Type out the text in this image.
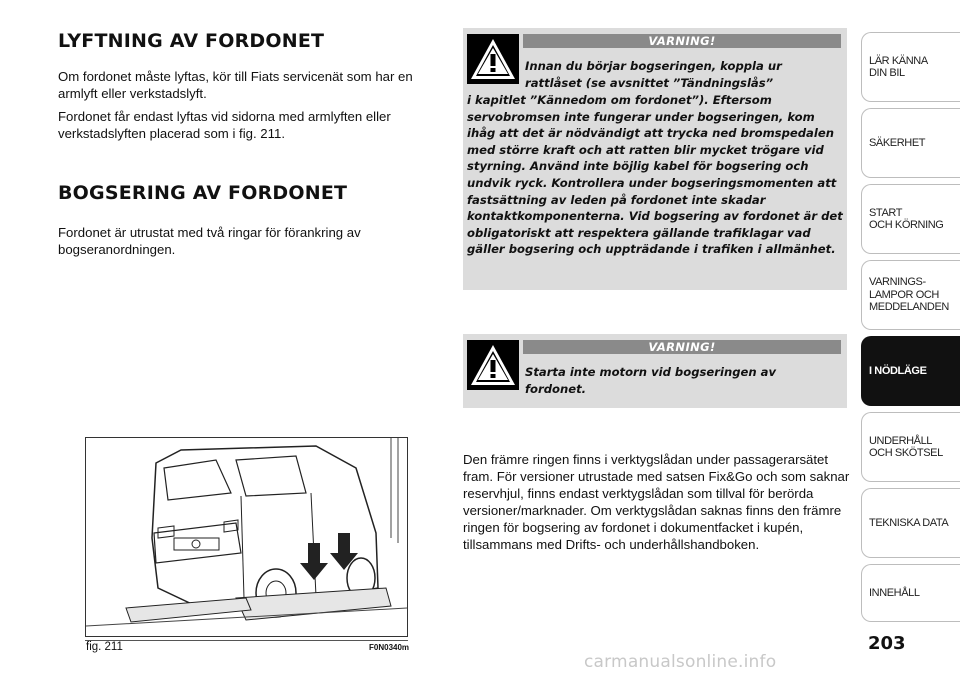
LYFTNING AV FORDONET
Om fordonet måste lyftas, kör till Fiats servicenät som har en armlyft eller verkstadslyft.
Fordonet får endast lyftas vid sidorna med armlyften eller verkstadslyften placerad som i fig. 211.
BOGSERING AV FORDONET
Fordonet är utrustat med två ringar för förankring av bogseranordningen.
VARNING!
Innan du börjar bogseringen, koppla ur rattlåset (se avsnittet ”Tändningslås”
i kapitlet ”Kännedom om fordonet”). Eftersom servobromsen inte fungerar under bogseringen, kom ihåg att det är nödvändigt att trycka ned bromspedalen med större kraft och att ratten blir mycket trögare vid styrning. Använd inte böjlig kabel för bogsering och undvik ryck. Kontrollera under bogseringsmomenten att fastsättning av leden på fordonet inte skadar kontaktkomponenterna. Vid bogsering av fordonet är det obligatoriskt att respektera gällande trafiklagar vad gäller bogsering och uppträdande i trafiken i allmänhet.
VARNING!
Starta inte motorn vid bogseringen av fordonet.
Den främre ringen finns i verktygslådan under passagerarsätet fram. För versioner utrustade med satsen Fix&Go och som saknar reservhjul, finns endast verktygslådan som tillval för berörda versioner/marknader. Om verktygslådan saknas finns den främre ringen för bogsering av fordonet i dokumentfacket i kupén, tillsammans med Drifts- och underhållshandboken.
fig. 211	F0N0340m
LÄR KÄNNA
DIN BIL
SÄKERHET
START
OCH KÖRNING
VARNINGS-
LAMPOR OCH
MEDDELANDEN
I NÖDLÄGE
UNDERHÅLL
OCH SKÖTSEL
TEKNISKA DATA
INNEHÅLL
203
carmanualsonline.info
